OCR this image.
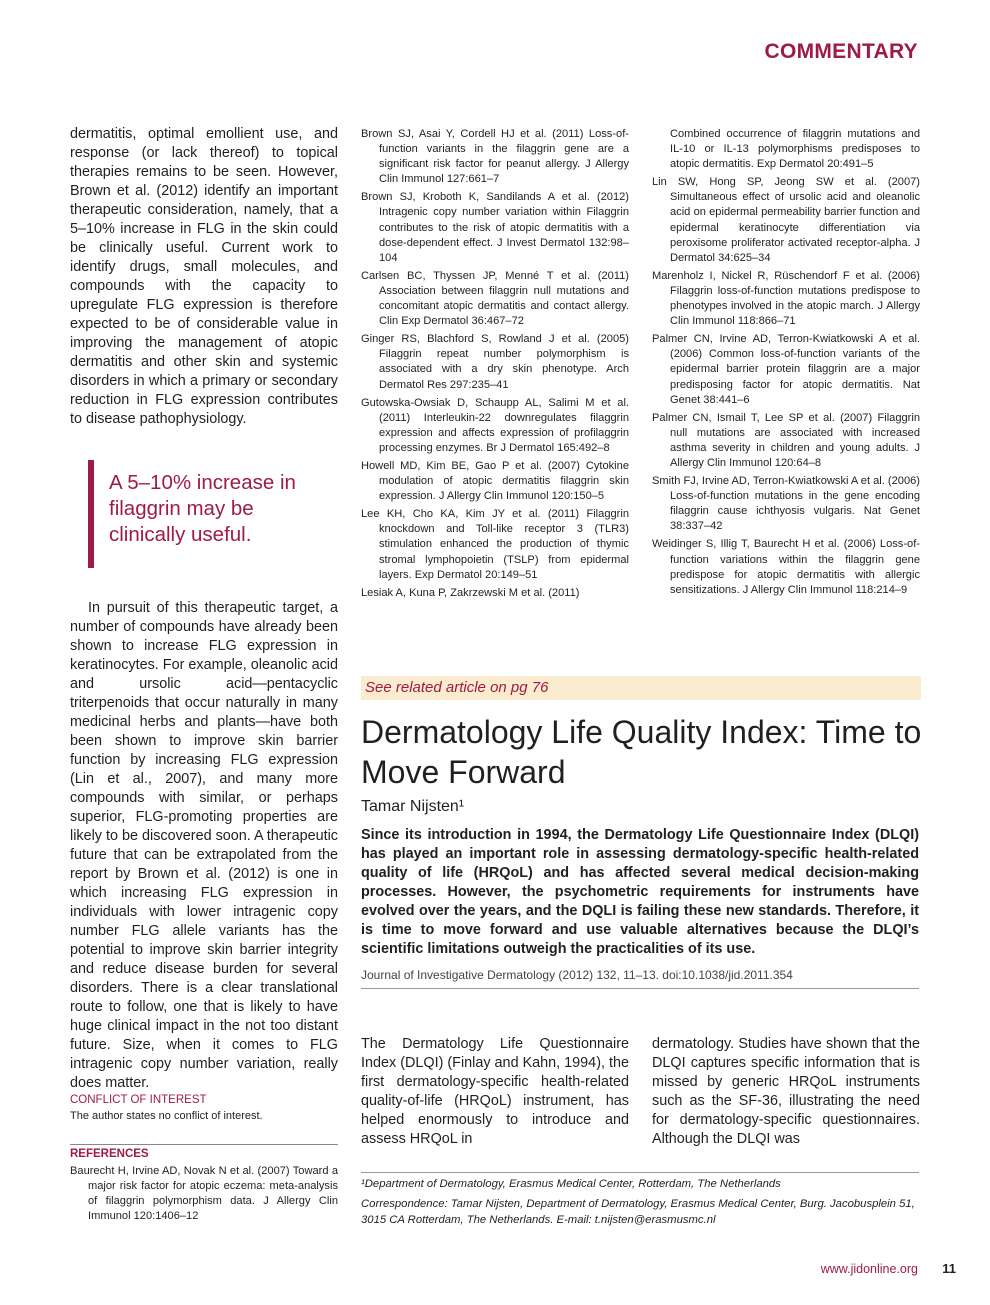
COMMENTARY

dermatitis, optimal emollient use, and response (or lack thereof) to topical therapies remains to be seen. However, Brown et al. (2012) identify an important therapeutic consideration, namely, that a 5–10% increase in FLG in the skin could be clinically useful. Current work to identify drugs, small molecules, and compounds with the capacity to upregulate FLG expression is therefore expected to be of considerable value in improving the management of atopic dermatitis and other skin and systemic disorders in which a primary or secondary reduction in FLG expression contributes to disease pathophysiology.

A 5–10% increase in filaggrin may be clinically useful.

In pursuit of this therapeutic target, a number of compounds have already been shown to increase FLG expression in keratinocytes. For example, oleanolic acid and ursolic acid—pentacyclic triterpenoids that occur naturally in many medicinal herbs and plants—have both been shown to improve skin barrier function by increasing FLG expression (Lin et al., 2007), and many more compounds with similar, or perhaps superior, FLG-promoting properties are likely to be discovered soon. A therapeutic future that can be extrapolated from the report by Brown et al. (2012) is one in which increasing FLG expression in individuals with lower intragenic copy number FLG allele variants has the potential to improve skin barrier integrity and reduce disease burden for several disorders. There is a clear translational route to follow, one that is likely to have huge clinical impact in the not too distant future. Size, when it comes to FLG intragenic copy number variation, really does matter.

CONFLICT OF INTEREST
The author states no conflict of interest.
REFERENCES

Baurecht H, Irvine AD, Novak N et al. (2007) Toward a major risk factor for atopic eczema: meta-analysis of filaggrin polymorphism data. J Allergy Clin Immunol 120:1406–12

Brown SJ, Asai Y, Cordell HJ et al. (2011) Loss-of-function variants in the filaggrin gene are a significant risk factor for peanut allergy. J Allergy Clin Immunol 127:661–7

Brown SJ, Kroboth K, Sandilands A et al. (2012) Intragenic copy number variation within Filaggrin contributes to the risk of atopic dermatitis with a dose-dependent effect. J Invest Dermatol 132:98–104

Carlsen BC, Thyssen JP, Menné T et al. (2011) Association between filaggrin null mutations and concomitant atopic dermatitis and contact allergy. Clin Exp Dermatol 36:467–72

Ginger RS, Blachford S, Rowland J et al. (2005) Filaggrin repeat number polymorphism is associated with a dry skin phenotype. Arch Dermatol Res 297:235–41

Gutowska-Owsiak D, Schaupp AL, Salimi M et al. (2011) Interleukin-22 downregulates filaggrin expression and affects expression of profilaggrin processing enzymes. Br J Dermatol 165:492–8

Howell MD, Kim BE, Gao P et al. (2007) Cytokine modulation of atopic dermatitis filaggrin skin expression. J Allergy Clin Immunol 120:150–5

Lee KH, Cho KA, Kim JY et al. (2011) Filaggrin knockdown and Toll-like receptor 3 (TLR3) stimulation enhanced the production of thymic stromal lymphopoietin (TSLP) from epidermal layers. Exp Dermatol 20:149–51

Lesiak A, Kuna P, Zakrzewski M et al. (2011)

Combined occurrence of filaggrin mutations and IL-10 or IL-13 polymorphisms predisposes to atopic dermatitis. Exp Dermatol 20:491–5

Lin SW, Hong SP, Jeong SW et al. (2007) Simultaneous effect of ursolic acid and oleanolic acid on epidermal permeability barrier function and epidermal keratinocyte differentiation via peroxisome proliferator activated receptor-alpha. J Dermatol 34:625–34

Marenholz I, Nickel R, Rüschendorf F et al. (2006) Filaggrin loss-of-function mutations predispose to phenotypes involved in the atopic march. J Allergy Clin Immunol 118:866–71

Palmer CN, Irvine AD, Terron-Kwiatkowski A et al. (2006) Common loss-of-function variants of the epidermal barrier protein filaggrin are a major predisposing factor for atopic dermatitis. Nat Genet 38:441–6

Palmer CN, Ismail T, Lee SP et al. (2007) Filaggrin null mutations are associated with increased asthma severity in children and young adults. J Allergy Clin Immunol 120:64–8

Smith FJ, Irvine AD, Terron-Kwiatkowski A et al. (2006) Loss-of-function mutations in the gene encoding filaggrin cause ichthyosis vulgaris. Nat Genet 38:337–42

Weidinger S, Illig T, Baurecht H et al. (2006) Loss-of-function variations within the filaggrin gene predispose for atopic dermatitis with allergic sensitizations. J Allergy Clin Immunol 118:214–9

See related article on pg 76
Dermatology Life Quality Index: Time to Move Forward
Tamar Nijsten¹
Since its introduction in 1994, the Dermatology Life Questionnaire Index (DLQI) has played an important role in assessing dermatology-specific health-related quality of life (HRQoL) and has affected several medical decision-making processes. However, the psychometric requirements for instruments have evolved over the years, and the DQLI is failing these new standards. Therefore, it is time to move forward and use valuable alternatives because the DLQI’s scientific limitations outweigh the practicalities of its use.
Journal of Investigative Dermatology (2012) 132, 11–13. doi:10.1038/jid.2011.354

The Dermatology Life Questionnaire Index (DLQI) (Finlay and Kahn, 1994), the first dermatology-specific health-related quality-of-life (HRQoL) instrument, has helped enormously to introduce and assess HRQoL in

dermatology. Studies have shown that the DLQI captures specific information that is missed by generic HRQoL instruments such as the SF-36, illustrating the need for dermatology-specific questionnaires. Although the DLQI was

¹Department of Dermatology, Erasmus Medical Center, Rotterdam, The Netherlands
Correspondence: Tamar Nijsten, Department of Dermatology, Erasmus Medical Center, Burg. Jacobusplein 51, 3015 CA Rotterdam, The Netherlands. E-mail: t.nijsten@erasmusmc.nl
www.jidonline.org 11
